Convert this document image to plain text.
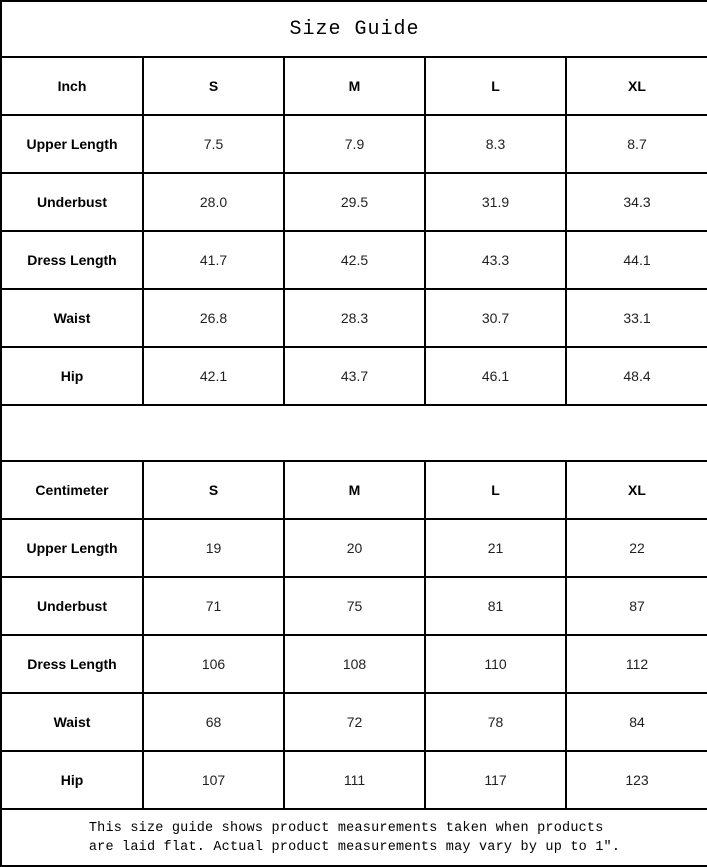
Size Guide				
Inch	S	M	L	XL
Upper Length	7.5	7.9	8.3	8.7
Underbust	28.0	29.5	31.9	34.3
Dress Length	41.7	42.5	43.3	44.1
Waist	26.8	28.3	30.7	33.1
Hip	42.1	43.7	46.1	48.4

Centimeter	S	M	L	XL
Upper Length	19	20	21	22
Underbust	71	75	81	87
Dress Length	106	108	110	112
Waist	68	72	78	84
Hip	107	111	117	123

This size guide shows product measurements taken when products
are laid flat. Actual product measurements may vary by up to 1″.				
